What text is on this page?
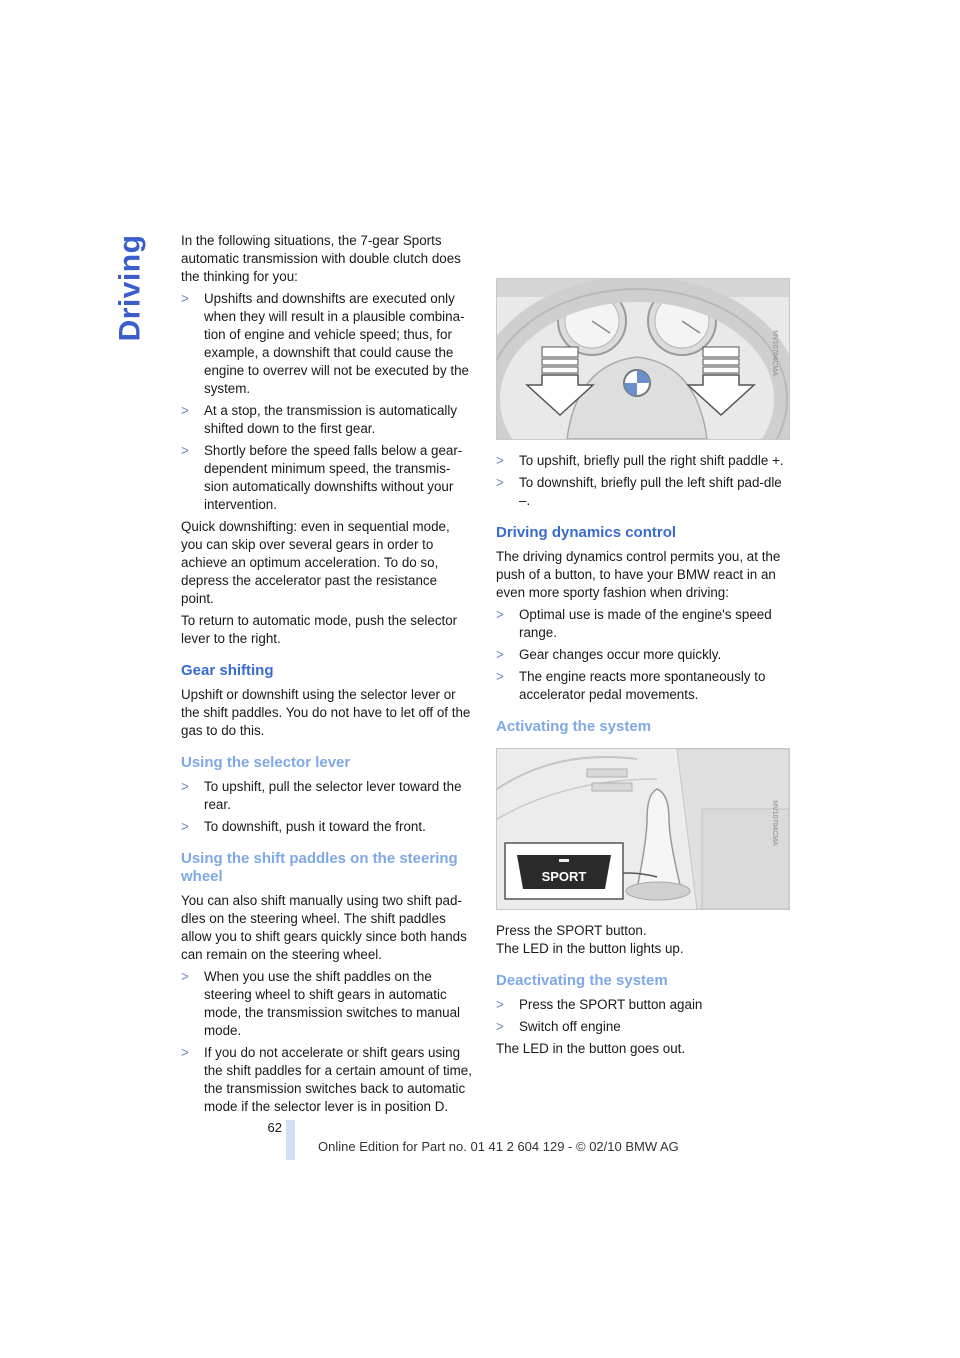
Driving	In the following situations, the 7-gear Sports automatic transmission with double clutch does the thinking for you:

> Upshifts and downshifts are executed only when they will result in a plausible combina-tion of engine and vehicle speed; thus, for example, a downshift that could cause the engine to overrev will not be executed by the system.
> At a stop, the transmission is automatically shifted down to the first gear.
> Shortly before the speed falls below a gear-dependent minimum speed, the transmis-sion automatically downshifts without your intervention.

Quick downshifting: even in sequential mode, you can skip over several gears in order to achieve an optimum acceleration. To do so, depress the accelerator past the resistance point.

To return to automatic mode, push the selector lever to the right.

Gear shifting

Upshift or downshift using the selector lever or the shift paddles. You do not have to let off of the gas to do this.

Using the selector lever
> To upshift, pull the selector lever toward the rear.
> To downshift, push it toward the front.
Using the shift paddles on the steering wheel

You can also shift manually using two shift pad-dles on the steering wheel. The shift paddles allow you to shift gears quickly since both hands can remain on the steering wheel.

> When you use the shift paddles on the steering wheel to shift gears in automatic mode, the transmission switches to manual mode.
> If you do not accelerate or shift gears using the shift paddles for a certain amount of time, the transmission switches back to automatic mode if the selector lever is in position D.
MV10704CMA
> To upshift, briefly pull the right shift paddle +.
> To downshift, briefly pull the left shift pad-dle –.
Driving dynamics control

The driving dynamics control permits you, at the push of a button, to have your BMW react in an even more sporty fashion when driving:

> Optimal use is made of the engine's speed range.
> Gear changes occur more quickly.
> The engine reacts more spontaneously to accelerator pedal movements.
Activating the system
SPORT
MV10704CMA

Press the SPORT button.

The LED in the button lights up.

Deactivating the system
> Press the SPORT button again
> Switch off engine

The LED in the button goes out.

62
Online Edition for Part no. 01 41 2 604 129 - © 02/10 BMW AG
